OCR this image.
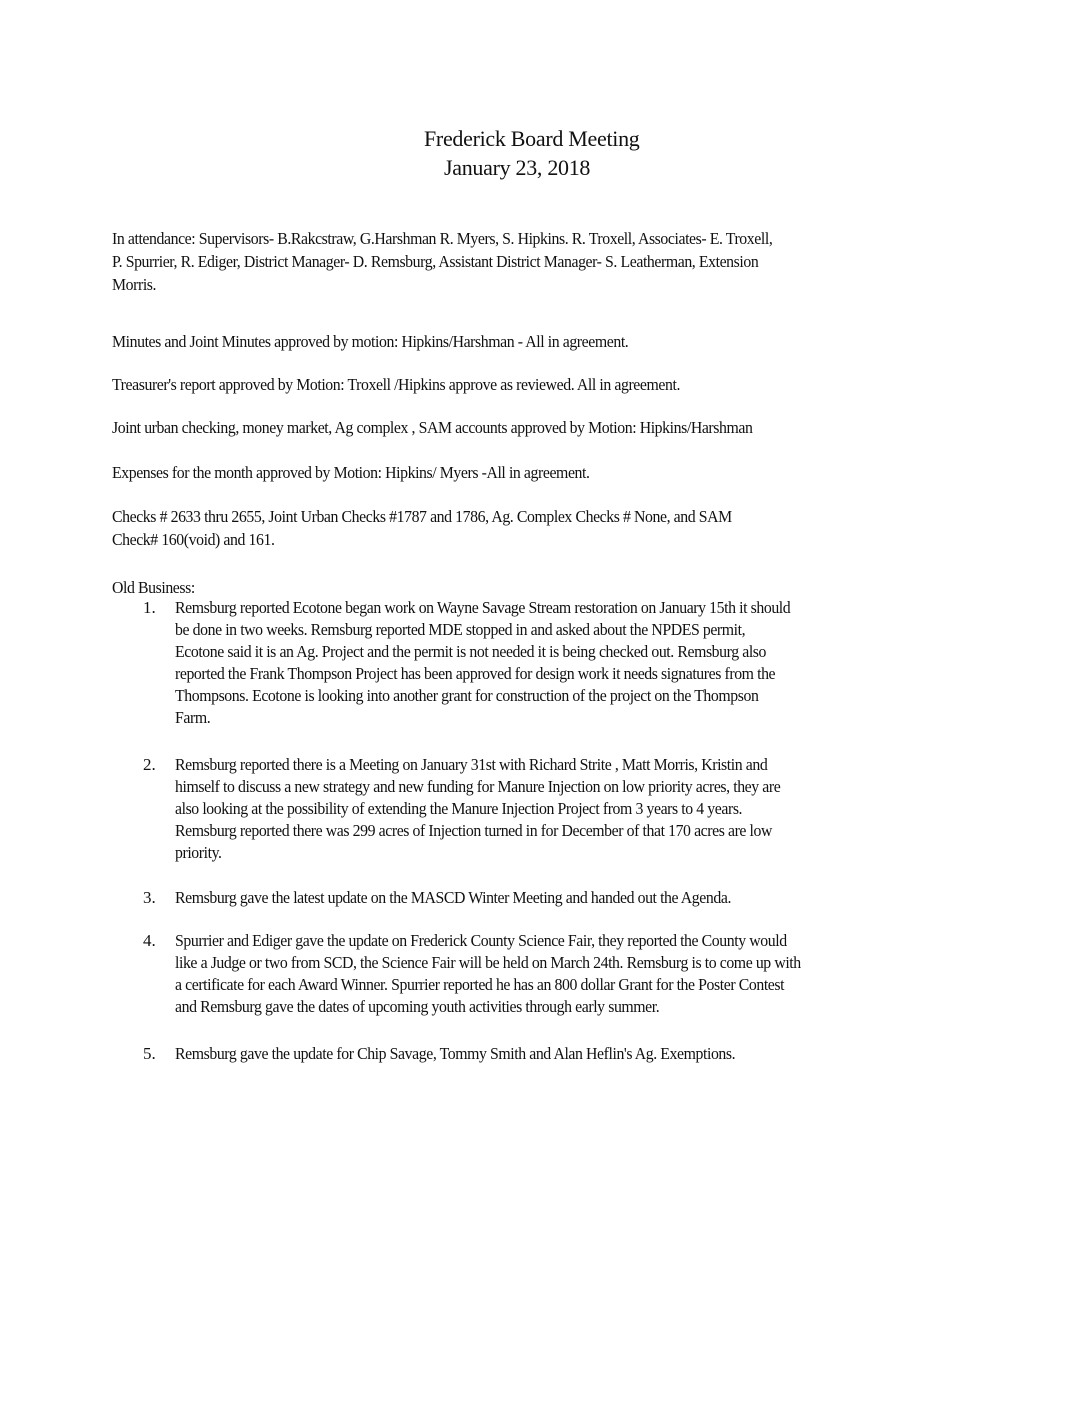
Frederick Board Meeting
January 23, 2018
In attendance: Supervisors- B.Rakcstraw, G.Harshman R. Myers, S. Hipkins. R. Troxell, Associates- E. Troxell,
P. Spurrier, R. Ediger, District Manager- D. Remsburg, Assistant District Manager- S. Leatherman, Extension
Morris.
Minutes and Joint Minutes approved by motion: Hipkins/Harshman - All in agreement.
Treasurer's report approved by Motion: Troxell /Hipkins approve as reviewed. All in agreement.
Joint urban checking, money market, Ag complex , SAM accounts approved by Motion: Hipkins/Harshman
Expenses for the month approved by Motion: Hipkins/ Myers -All in agreement.
Checks # 2633 thru 2655, Joint Urban Checks #1787 and 1786, Ag. Complex Checks # None, and SAM
Check# 160(void) and 161.
Old Business:
1. Remsburg reported Ecotone began work on Wayne Savage Stream restoration on January 15th it should
be done in two weeks. Remsburg reported MDE stopped in and asked about the NPDES permit,
Ecotone said it is an Ag. Project and the permit is not needed it is being checked out. Remsburg also
reported the Frank Thompson Project has been approved for design work it needs signatures from the
Thompsons. Ecotone is looking into another grant for construction of the project on the Thompson
Farm.
2. Remsburg reported there is a Meeting on January 31st with Richard Strite , Matt Morris, Kristin and
himself to discuss a new strategy and new funding for Manure Injection on low priority acres, they are
also looking at the possibility of extending the Manure Injection Project from 3 years to 4 years.
Remsburg reported there was 299 acres of Injection turned in for December of that 170 acres are low
priority.
3. Remsburg gave the latest update on the MASCD Winter Meeting and handed out the Agenda.
4. Spurrier and Ediger gave the update on Frederick County Science Fair, they reported the County would
like a Judge or two from SCD, the Science Fair will be held on March 24th. Remsburg is to come up with
a certificate for each Award Winner. Spurrier reported he has an 800 dollar Grant for the Poster Contest
and Remsburg gave the dates of upcoming youth activities through early summer.
5. Remsburg gave the update for Chip Savage, Tommy Smith and Alan Heflin's Ag. Exemptions.
